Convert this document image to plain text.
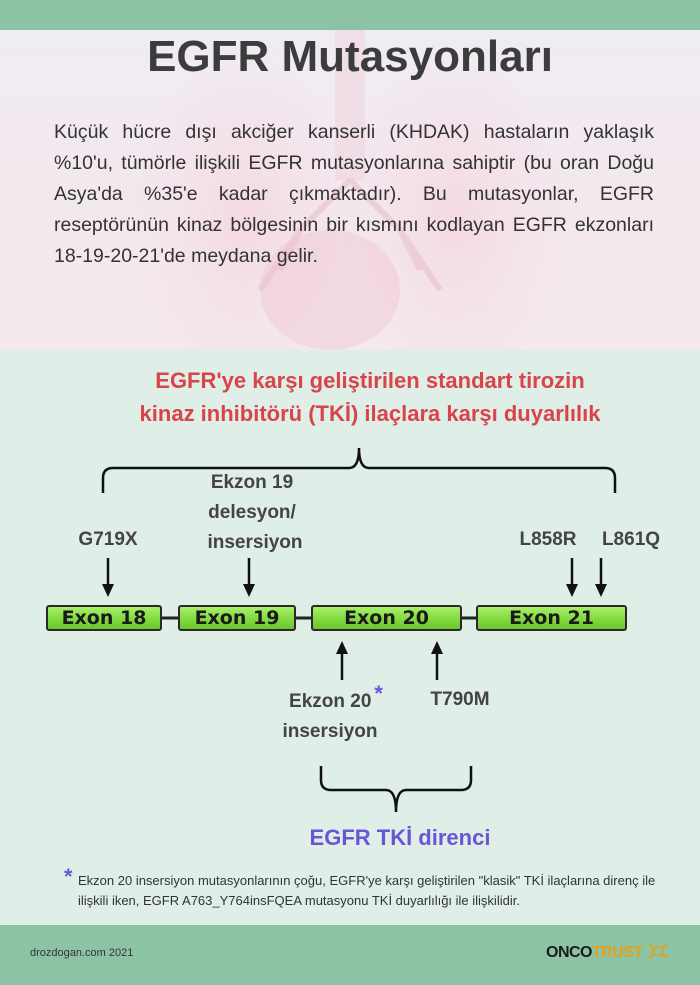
EGFR Mutasyonları

Küçük hücre dışı akciğer kanserli (KHDAK) hastaların yaklaşık %10'u, tümörle ilişkili EGFR mutasyonlarına sahiptir (bu oran Doğu Asya'da %35'e kadar çıkmaktadır). Bu mutasyonlar, EGFR reseptörünün kinaz bölgesinin bir kısmını kodlayan EGFR ekzonları 18-19-20-21'de meydana gelir.

EGFR'ye karşı geliştirilen standart tirozin
kinaz inhibitörü (TKİ) ilaçlara karşı duyarlılık
Exon 18	Exon 19	Exon 20	Exon 21
G719X
Ekzon 19
delesyon/
insersiyon	L858R	L861Q
Ekzon 20 *
insersiyon
T790M
EGFR TKİ direnci
* Ekzon 20 insersiyon mutasyonlarının çoğu, EGFR'ye karşı geliştirilen "klasik" TKİ ilaçlarına direnç ile ilişkili iken, EGFR A763_Y764insFQEA mutasyonu TKİ duyarlılığı ile ilişkilidir.

drozdogan.com 2021	ONCOTRUST
